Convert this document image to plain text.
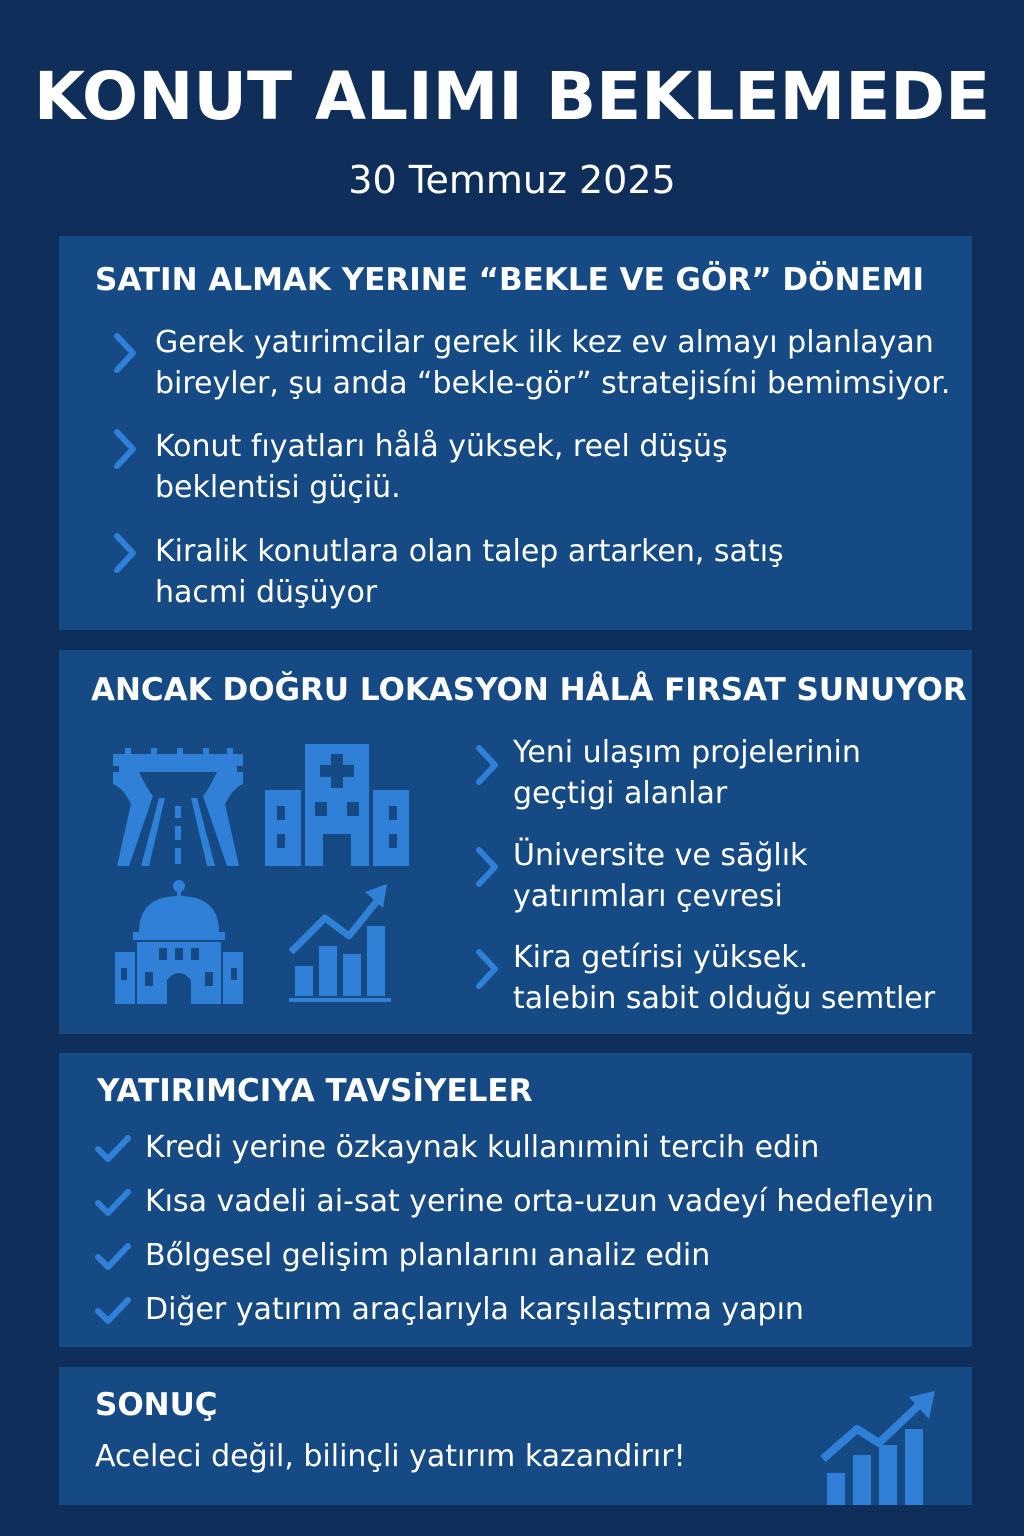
KONUT ALIMI BEKLEMEDE
30 Temmuz 2025
SATIN ALMAK YERINE “BEKLE VE GÖR” DÖNEMI
Gerek yatırimcilar gerek ilk kez ev almayı planlayan
bireyler, şu anda “bekle-gör” stratejisíni bemimsiyor.
Konut fıyatları hålå yüksek, reel düşüş
beklentisi güçiü.
Kiralik konutlara olan talep artarken, satış
hacmi düşüyor
ANCAK DOĞRU LOKASYON HÅLÅ FIRSAT SUNUYOR
Yeni ulaşım projelerinin
geçtigi alanlar
Üniversite ve sāğlık
yatırımları çevresi
Kira getírisi yüksek.
talebin sabit olduğu semtler
YATIRIMCIYA TAVSİYELER
Kredi yerine özkaynak kullanımini tercih edin
Kısa vadeli ai-sat yerine orta-uzun vadeyí hedefleyin
Bőlgesel gelişim planlarını analiz edin
Diğer yatırım araçlarıyla karşılaştırma yapın
SONUÇ
Aceleci değil, bilinçli yatırım kazandirır!
